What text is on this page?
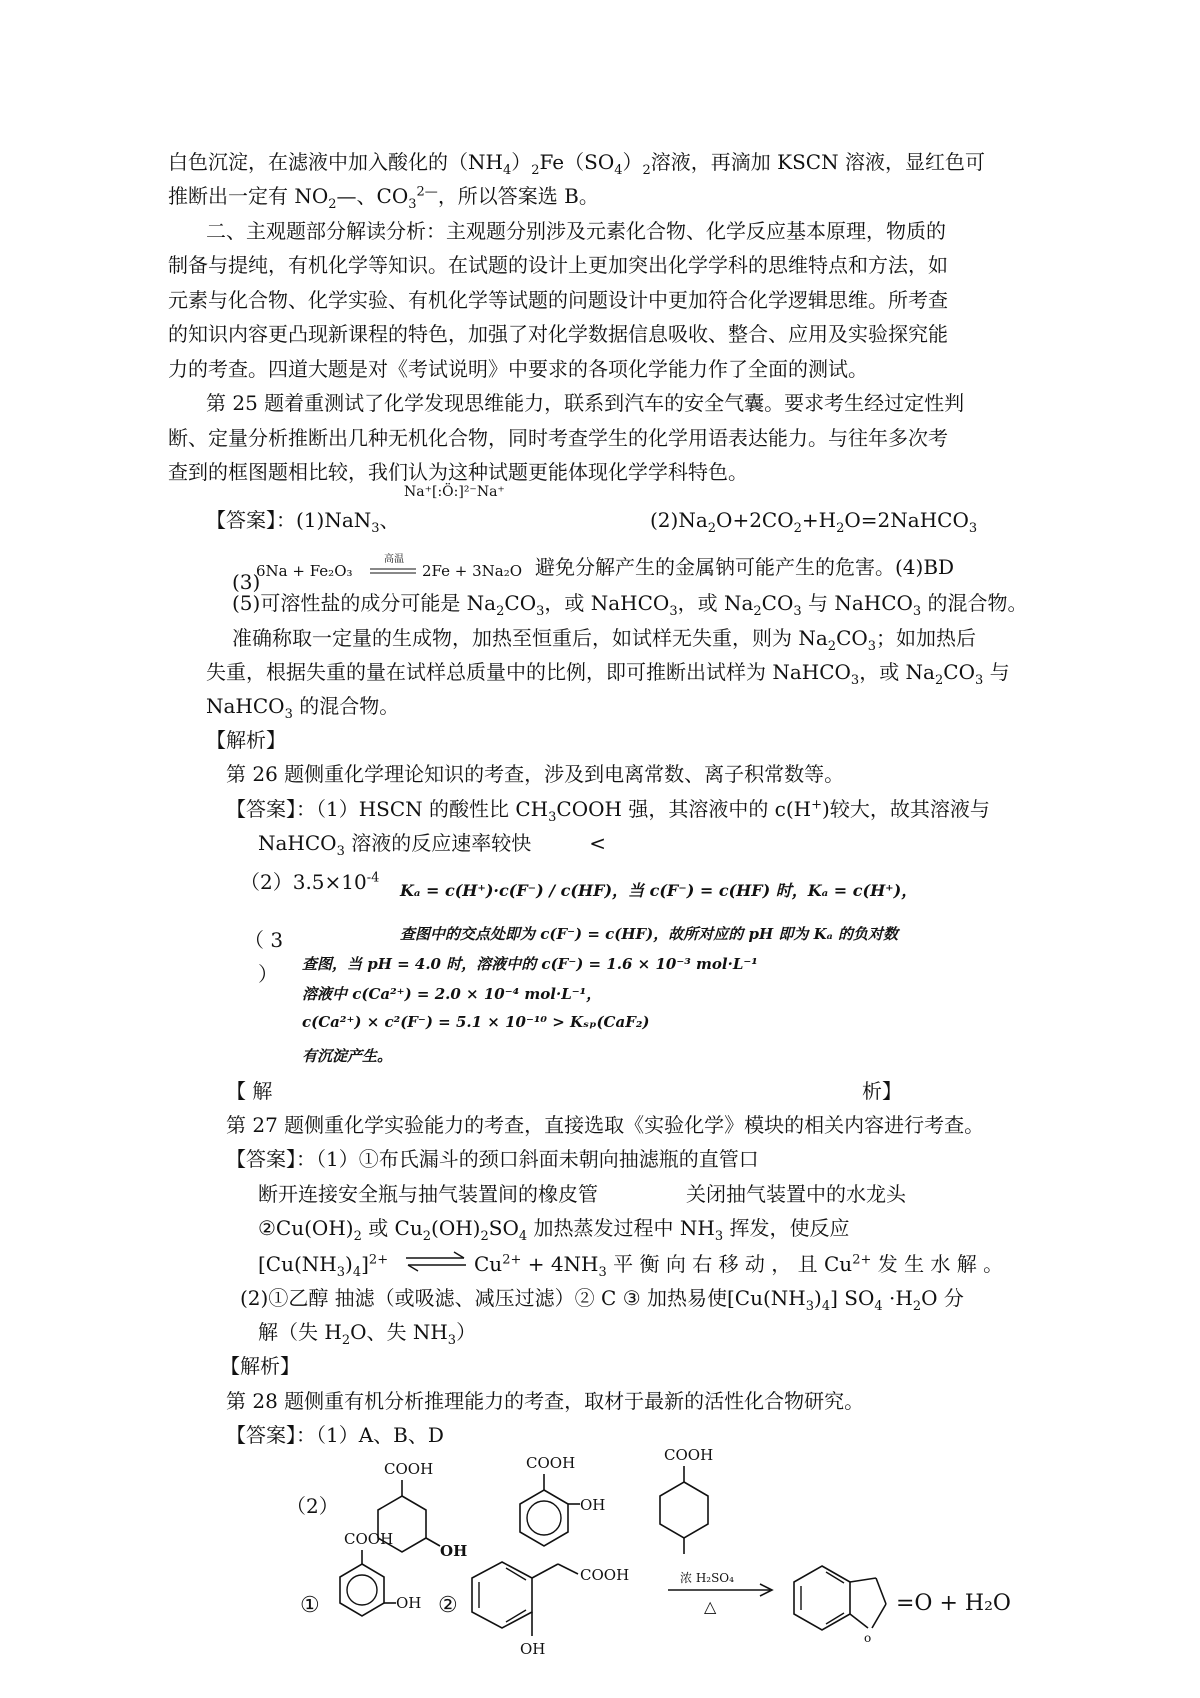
白色沉淀，在滤液中加入酸化的$(NH_4)_2Fe(SO_4)_2$溶液，再滴加 KSCN 溶液，显红色可
推断出一定有 $NO_2—$、$CO_3^{2—}$，所以答案选 B。
二、主观题部分解读分析：主观题分别涉及元素化合物、化学反应基本原理，物质的
制备与提纯，有机化学等知识。在试题的设计上更加突出化学学科的思维特点和方法，如
元素与化合物、化学实验、有机化学等试题的问题设计中更加符合化学逻辑思维。所考查
的知识内容更凸现新课程的特色，加强了对化学数据信息吸收、整合、应用及实验探究能
力的考查。四道大题是对《考试说明》中要求的各项化学能力作了全面的测试。
第 25 题着重测试了化学发现思维能力，联系到汽车的安全气囊。要求考生经过定性判
断、定量分析推断出几种无机化合物，同时考查学生的化学用语表达能力。与往年多次考
查到的框图题相比较，我们认为这种试题更能体现化学学科特色。
【答案】：(1)NaN$_3$、
Na⁺[:Ö:]²⁻Na⁺
$(2)Na_2O+2CO_2+H_2O=2NaHCO_3$
(3)
6Na + Fe₂O₃
高温
2Fe + 3Na₂O 避免分解产生的金属钠可能产生的危害。(4)BD
(5)可溶性盐的成分可能是 $Na_2CO_3$，或 NaHCO$_3$，或 $Na_2CO_3$ 与 NaHCO$_3$ 的混合物。
准确称取一定量的生成物，加热至恒重后，如试样无失重，则为 $Na_2CO_3$；如加热后
失重，根据失重的量在试样总质量中的比例，即可推断出试样为 NaHCO$_3$，或 $Na_2CO_3$ 与
NaHCO$_3$ 的混合物。
【解析】
第 26 题侧重化学理论知识的考查，涉及到电离常数、离子积常数等。
【答案】：（1）HSCN 的酸性比 $CH_3COOH$ 强，其溶液中的 c(H+)较大，故其溶液与
NaHCO$_3$ 溶液的反应速率较快	<
$(2)3.5\times 10^{-4}$
（ 3
）
Kₐ = c(H⁺)·c(F⁻) / c(HF)，当 c(F⁻) = c(HF) 时，Kₐ = c(H⁺)，
查图中的交点处即为 c(F⁻) = c(HF)，故所对应的 pH 即为 Kₐ 的负对数
查图，当 pH = 4.0 时，溶液中的 c(F⁻) = 1.6 × 10⁻³ mol·L⁻¹
溶液中 c(Ca²⁺) = 2.0 × 10⁻⁴ mol·L⁻¹，
c(Ca²⁺) × c²(F⁻) = 5.1 × 10⁻¹⁰ > Kₛₚ(CaF₂)
有沉淀产生。
【 解	析】
第 27 题侧重化学实验能力的考查，直接选取《实验化学》模块的相关内容进行考查。
【答案】：（1）①布氏漏斗的颈口斜面未朝向抽滤瓶的直管口
断开连接安全瓶与抽气装置间的橡皮管	关闭抽气装置中的水龙头
$②Cu(OH)_2$ 或 $Cu_2(OH)_2SO_4$ 加热蒸发过程中 $NH_3$ 挥发，使反应
$[Cu(NH_3)_4]^{2+}$ ⇌ $Cu^{2+} + 4NH_3$ 平 衡 向 右 移 动 ， 且 $Cu^{2+}$ 发 生 水 解 。
(2)①乙醇 抽滤（或吸滤、减压过滤）② C ③ 加热易使$[Cu(NH_3)_4]$ $SO_4 \cdot H_2O$ 分
解（失 $H_2O$、失 $NH_3$）
【解析】
第 28 题侧重有机分析推理能力的考查，取材于最新的活性化合物研究。
【答案】：（1）A、B、D
（2）
COOH
OH
COOH
OH
COOH
①
COOH
OH ②
COOH
OH
浓 H₂SO₄
△
o
=O + H₂O
